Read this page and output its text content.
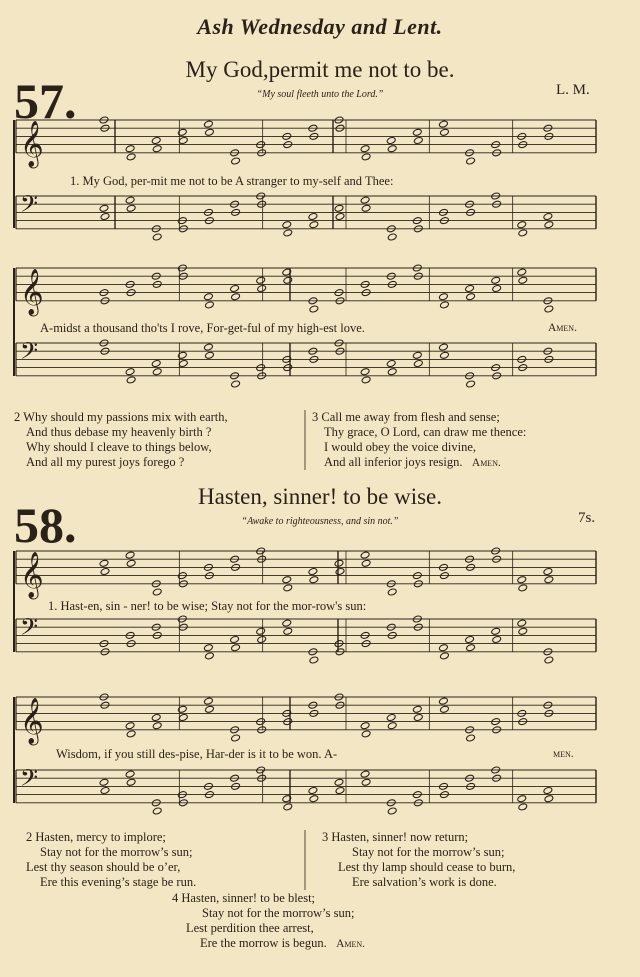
Ash Wednesday and Lent.
57.
My God,permit me not to be.
“My soul fleeth unto the Lord.”	L. M.
1. My God, per-mit me not to be A stranger to my-self and Thee:
A-midst a thousand tho'ts I rove, For-get-ful of my high-est love.	Amen.
2 Why should my passions mix with earth,
And thus debase my heavenly birth ?
Why should I cleave to things below,
And all my purest joys forego ?
3 Call me away from flesh and sense;
Thy grace, O Lord, can draw me thence:
I would obey the voice divine,
And all inferior joys resign. Amen.
58.
Hasten, sinner! to be wise.
“Awake to righteousness, and sin not.”	7s.
1. Hast-en, sin - ner! to be wise; Stay not for the mor-row's sun:
Wisdom, if you still des-pise, Har-der is it to be won. A-	men.
2 Hasten, mercy to implore;
Stay not for the morrow’s sun;
Lest thy season should be o’er,
Ere this evening’s stage be run.
3 Hasten, sinner! now return;
Stay not for the morrow’s sun;
Lest thy lamp should cease to burn,
Ere salvation’s work is done.
4 Hasten, sinner! to be blest;
Stay not for the morrow’s sun;
Lest perdition thee arrest,
Ere the morrow is begun. Amen.
𝄞
𝄢
𝄞
𝄢
𝄞
𝄢
𝄞
𝄢
